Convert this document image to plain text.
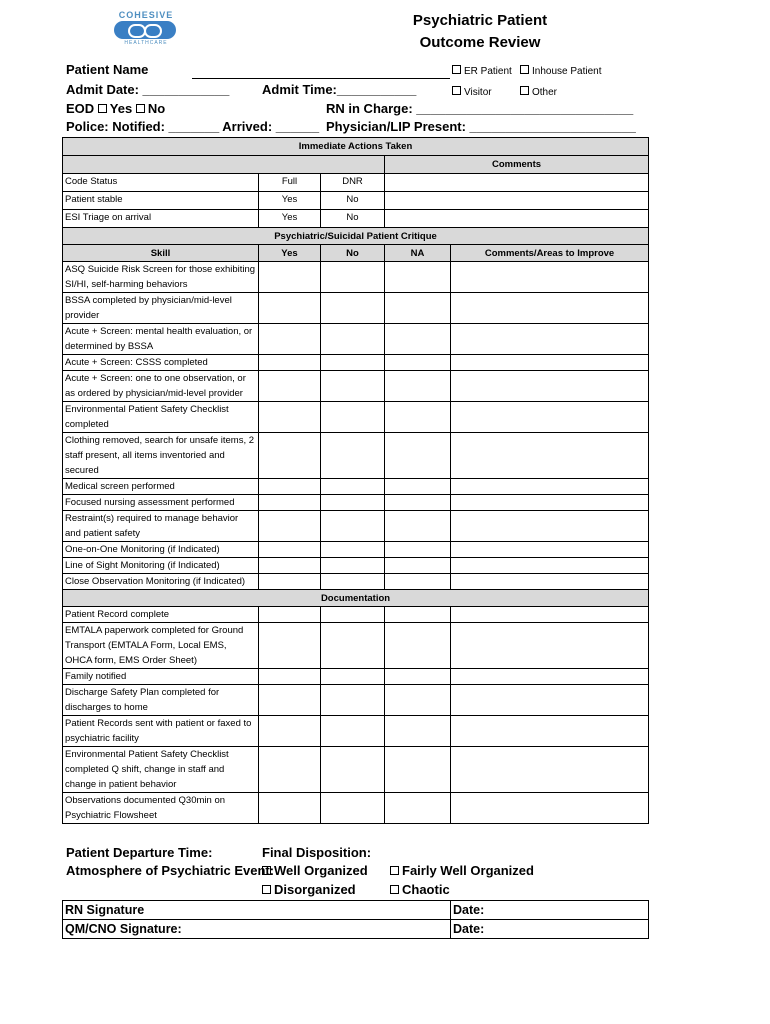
COHESIVE
HEALTHCARE
Psychiatric Patient
Outcome Review
Patient Name	ER Patient	Inhouse Patient
Admit Date: ____________	Admit Time:___________	Visitor	Other
EOD Yes No	RN in Charge: ______________________________
Police: Notified: _______ Arrived: ______ Physician/LIP Present: _______________________
Immediate Actions Taken			
			Comments
Code Status	Full	DNR	
Patient stable	Yes	No	
ESI Triage on arrival	Yes	No	
Psychiatric/Suicidal Patient Critique				
Skill	Yes	No	NA	Comments/Areas to Improve
ASQ Suicide Risk Screen for those exhibiting SI/HI, self-harming behaviors				
BSSA completed by physician/mid-level provider				
Acute + Screen: mental health evaluation, or determined by BSSA				
Acute + Screen: CSSS completed				
Acute + Screen: one to one observation, or as ordered by physician/mid-level provider				
Environmental Patient Safety Checklist completed				
Clothing removed, search for unsafe items, 2 staff present, all items inventoried and secured				
Medical screen performed				
Focused nursing assessment performed				
Restraint(s) required to manage behavior and patient safety				
One-on-One Monitoring (if Indicated)				
Line of Sight Monitoring (if Indicated)				
Close Observation Monitoring (if Indicated)				
Documentation				
Patient Record complete				
EMTALA paperwork completed for Ground Transport (EMTALA Form, Local EMS, OHCA form, EMS Order Sheet)				
Family notified				
Discharge Safety Plan completed for discharges to home				
Patient Records sent with patient or faxed to psychiatric facility				
Environmental Patient Safety Checklist completed Q shift, change in staff and change in patient behavior				
Observations documented Q30min on Psychiatric Flowsheet				
Patient Departure Time:	Final Disposition:
Atmosphere of Psychiatric Event: Well Organized	Fairly Well Organized
Disorganized	Chaotic
RN Signature	Date:
QM/CNO Signature:	Date:
